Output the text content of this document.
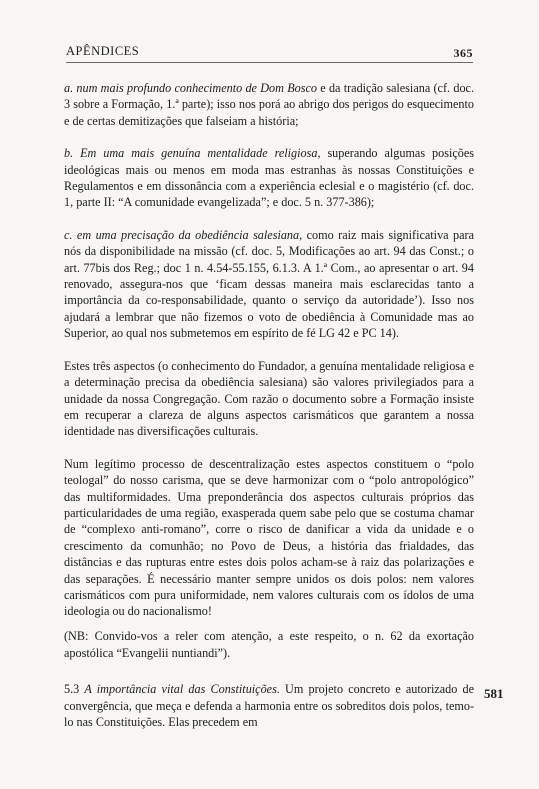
APÊNDICES	365

a. num mais profundo conhecimento de Dom Bosco e da tradição salesiana (cf. doc. 3 sobre a Formação, 1.ª parte); isso nos porá ao abrigo dos perigos do esquecimento e de certas demitizações que falseiam a história;

b. Em uma mais genuína mentalidade religiosa, superando algumas posições ideológicas mais ou menos em moda mas estranhas às nossas Constituições e Regulamentos e em dissonância com a experiência eclesial e o magistério (cf. doc. 1, parte II: “A comunidade evangelizada”; e doc. 5 n. 377-386);

c. em uma precisação da obediência salesiana, como raiz mais significativa para nós da disponibilidade na missão (cf. doc. 5, Modificações ao art. 94 das Const.; o art. 77bis dos Reg.; doc 1 n. 4.54-55.155, 6.1.3. A 1.ª Com., ao apresentar o art. 94 renovado, assegura-nos que ‘ficam dessas maneira mais esclarecidas tanto a importância da co-responsabilidade, quanto o serviço da autoridade’). Isso nos ajudará a lembrar que não fizemos o voto de obediência à Comunidade mas ao Superior, ao qual nos submetemos em espírito de fé LG 42 e PC 14).

Estes três aspectos (o conhecimento do Fundador, a genuína mentalidade religiosa e a determinação precisa da obediência salesiana) são valores privilegiados para a unidade da nossa Congregação. Com razão o documento sobre a Formação insiste em recuperar a clareza de alguns aspectos carismáticos que garantem a nossa identidade nas diversificações culturais.

Num legítimo processo de descentralização estes aspectos constituem o “polo teologal” do nosso carisma, que se deve harmonizar com o “polo antropológico” das multiformidades. Uma preponderância dos aspectos culturais próprios das particularidades de uma região, exasperada quem sabe pelo que se costuma chamar de “complexo anti-romano”, corre o risco de danificar a vida da unidade e o crescimento da comunhão; no Povo de Deus, a história das frialdades, das distâncias e das rupturas entre estes dois polos acham-se à raiz das polarizações e das separações. É necessário manter sempre unidos os dois polos: nem valores carismáticos com pura uniformidade, nem valores culturais com os ídolos de uma ideologia ou do nacionalismo!

(NB: Convido-vos a reler com atenção, a este respeito, o n. 62 da exortação apostólica “Evangelii nuntiandi”).

5.3 A importância vital das Constituições. Um projeto concreto e autorizado de convergência, que meça e defenda a harmonia entre os sobreditos dois polos, temo-lo nas Constituições. Elas precedem em

581
